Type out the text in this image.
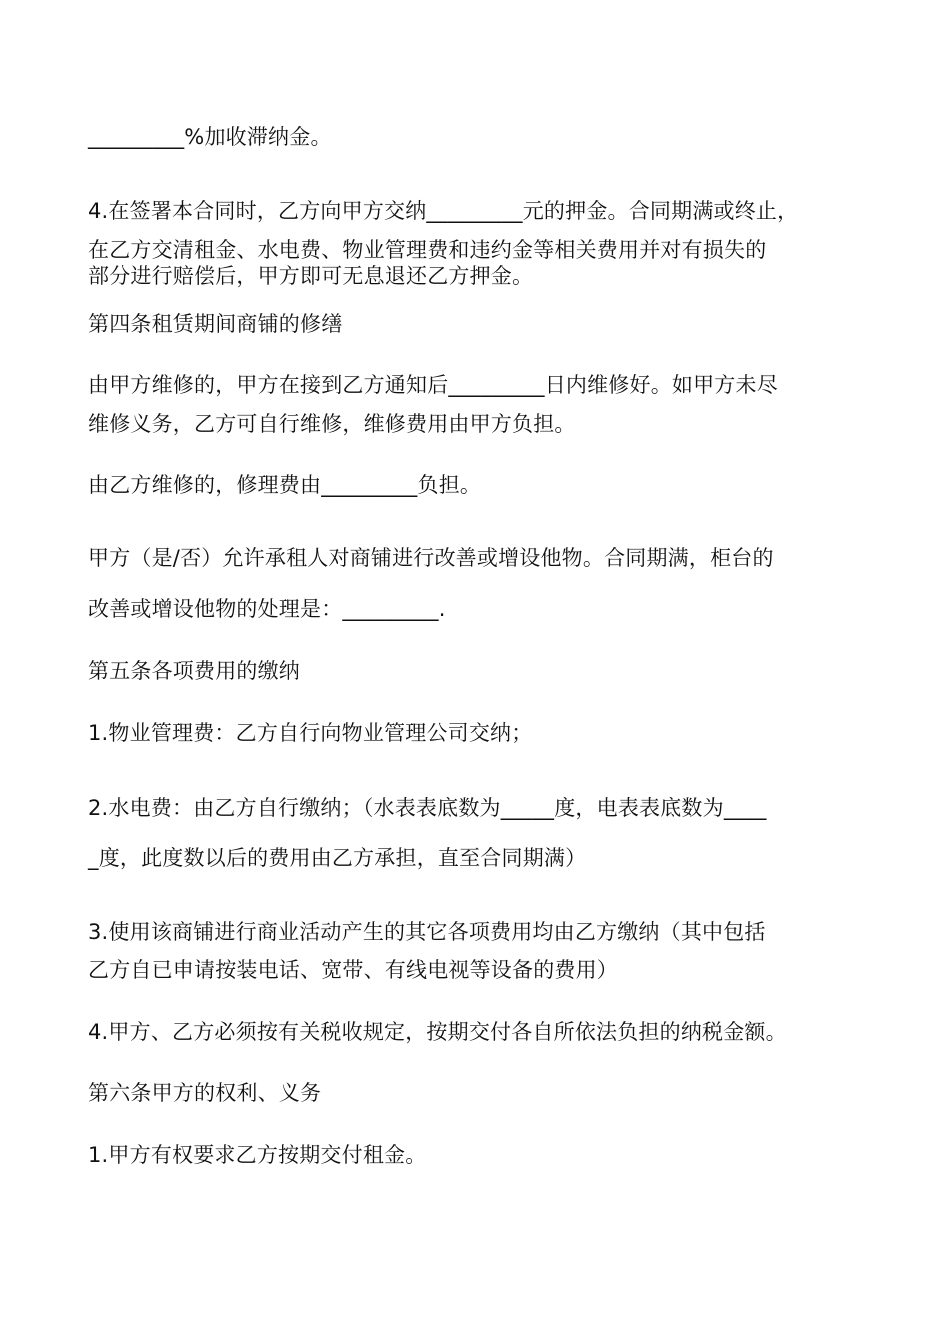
_________%加收滞纳金。
4.在签署本合同时，乙方向甲方交纳_________元的押金。合同期满或终止，
在乙方交清租金、水电费、物业管理费和违约金等相关费用并对有损失的
部分进行赔偿后，甲方即可无息退还乙方押金。
第四条租赁期间商铺的修缮
由甲方维修的，甲方在接到乙方通知后_________日内维修好。如甲方未尽
维修义务，乙方可自行维修，维修费用由甲方负担。
由乙方维修的，修理费由_________负担。
甲方（是/否）允许承租人对商铺进行改善或增设他物。合同期满，柜台的
改善或增设他物的处理是：_________.
第五条各项费用的缴纳
1.物业管理费：乙方自行向物业管理公司交纳；
2.水电费：由乙方自行缴纳；（水表表底数为_____度，电表表底数为____
_度，此度数以后的费用由乙方承担，直至合同期满）
3.使用该商铺进行商业活动产生的其它各项费用均由乙方缴纳（其中包括
乙方自已申请按装电话、宽带、有线电视等设备的费用）
4.甲方、乙方必须按有关税收规定，按期交付各自所依法负担的纳税金额。
第六条甲方的权利、义务
1.甲方有权要求乙方按期交付租金。
